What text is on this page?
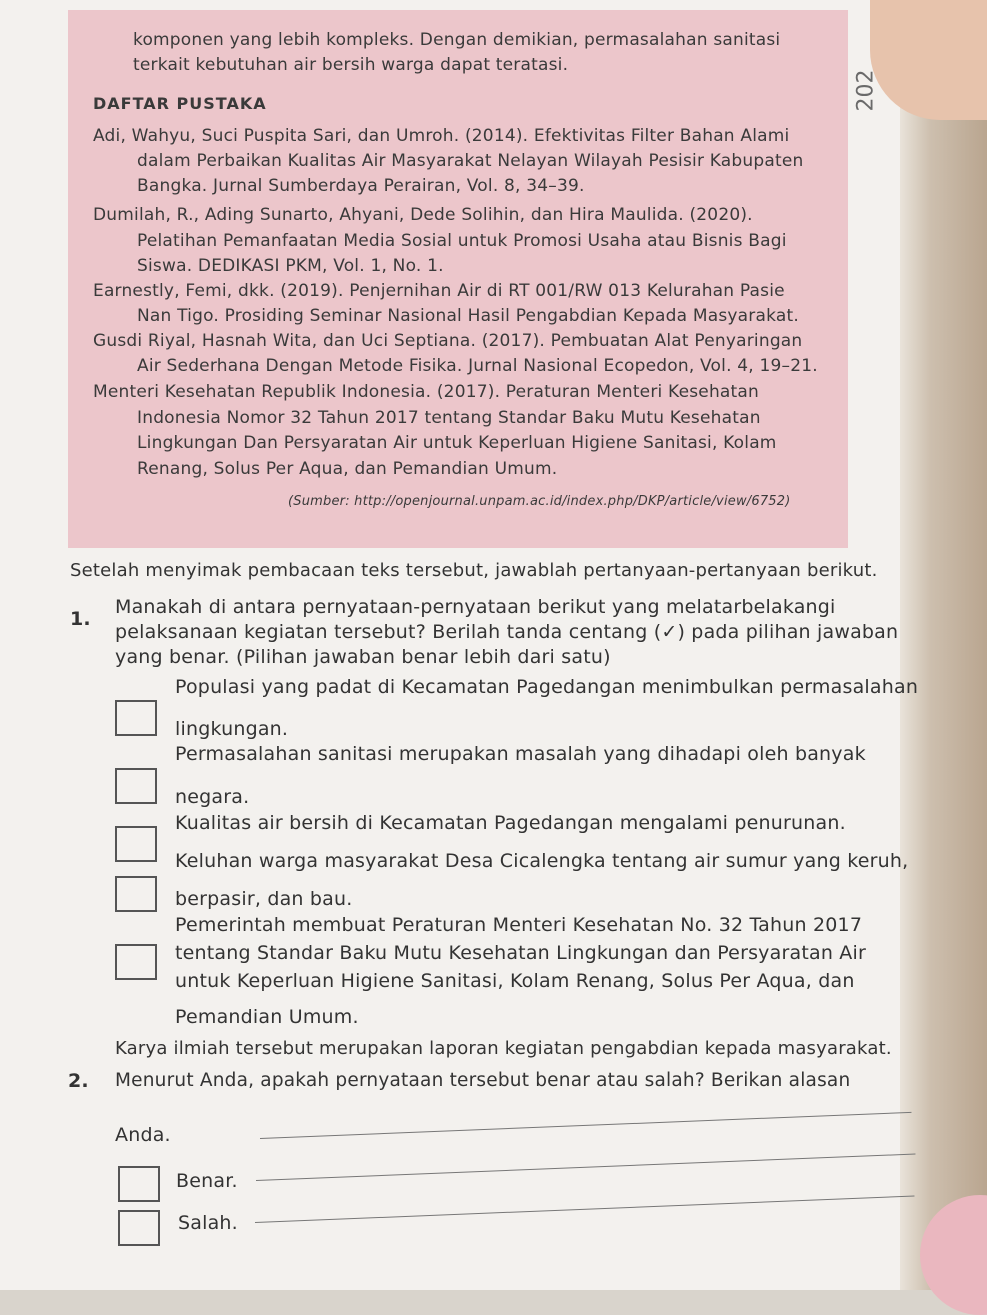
202
komponen yang lebih kompleks. Dengan demikian, permasalahan sanitasi
terkait kebutuhan air bersih warga dapat teratasi.
DAFTAR PUSTAKA
Adi, Wahyu, Suci Puspita Sari, dan Umroh. (2014). Efektivitas Filter Bahan Alami
dalam Perbaikan Kualitas Air Masyarakat Nelayan Wilayah Pesisir Kabupaten
Bangka. Jurnal Sumberdaya Perairan, Vol. 8, 34–39.
Dumilah, R., Ading Sunarto, Ahyani, Dede Solihin, dan Hira Maulida. (2020).
Pelatihan Pemanfaatan Media Sosial untuk Promosi Usaha atau Bisnis Bagi
Siswa. DEDIKASI PKM, Vol. 1, No. 1.
Earnestly, Femi, dkk. (2019). Penjernihan Air di RT 001/RW 013 Kelurahan Pasie
Nan Tigo. Prosiding Seminar Nasional Hasil Pengabdian Kepada Masyarakat.
Gusdi Riyal, Hasnah Wita, dan Uci Septiana. (2017). Pembuatan Alat Penyaringan
Air Sederhana Dengan Metode Fisika. Jurnal Nasional Ecopedon, Vol. 4, 19–21.
Menteri Kesehatan Republik Indonesia. (2017). Peraturan Menteri Kesehatan
Indonesia Nomor 32 Tahun 2017 tentang Standar Baku Mutu Kesehatan
Lingkungan Dan Persyaratan Air untuk Keperluan Higiene Sanitasi, Kolam
Renang, Solus Per Aqua, dan Pemandian Umum.
(Sumber: http://openjournal.unpam.ac.id/index.php/DKP/article/view/6752)
Setelah menyimak pembacaan teks tersebut, jawablah pertanyaan-pertanyaan berikut.
1.
Manakah di antara pernyataan-pernyataan berikut yang melatarbelakangi
pelaksanaan kegiatan tersebut? Berilah tanda centang (✓) pada pilihan jawaban
yang benar. (Pilihan jawaban benar lebih dari satu)
Populasi yang padat di Kecamatan Pagedangan menimbulkan permasalahan
lingkungan.
Permasalahan sanitasi merupakan masalah yang dihadapi oleh banyak
negara.
Kualitas air bersih di Kecamatan Pagedangan mengalami penurunan.
Keluhan warga masyarakat Desa Cicalengka tentang air sumur yang keruh,
berpasir, dan bau.
Pemerintah membuat Peraturan Menteri Kesehatan No. 32 Tahun 2017
tentang Standar Baku Mutu Kesehatan Lingkungan dan Persyaratan Air
untuk Keperluan Higiene Sanitasi, Kolam Renang, Solus Per Aqua, dan
Pemandian Umum.
2.
Karya ilmiah tersebut merupakan laporan kegiatan pengabdian kepada masyarakat.
Menurut Anda, apakah pernyataan tersebut benar atau salah? Berikan alasan
Anda.
Benar.
Salah.
